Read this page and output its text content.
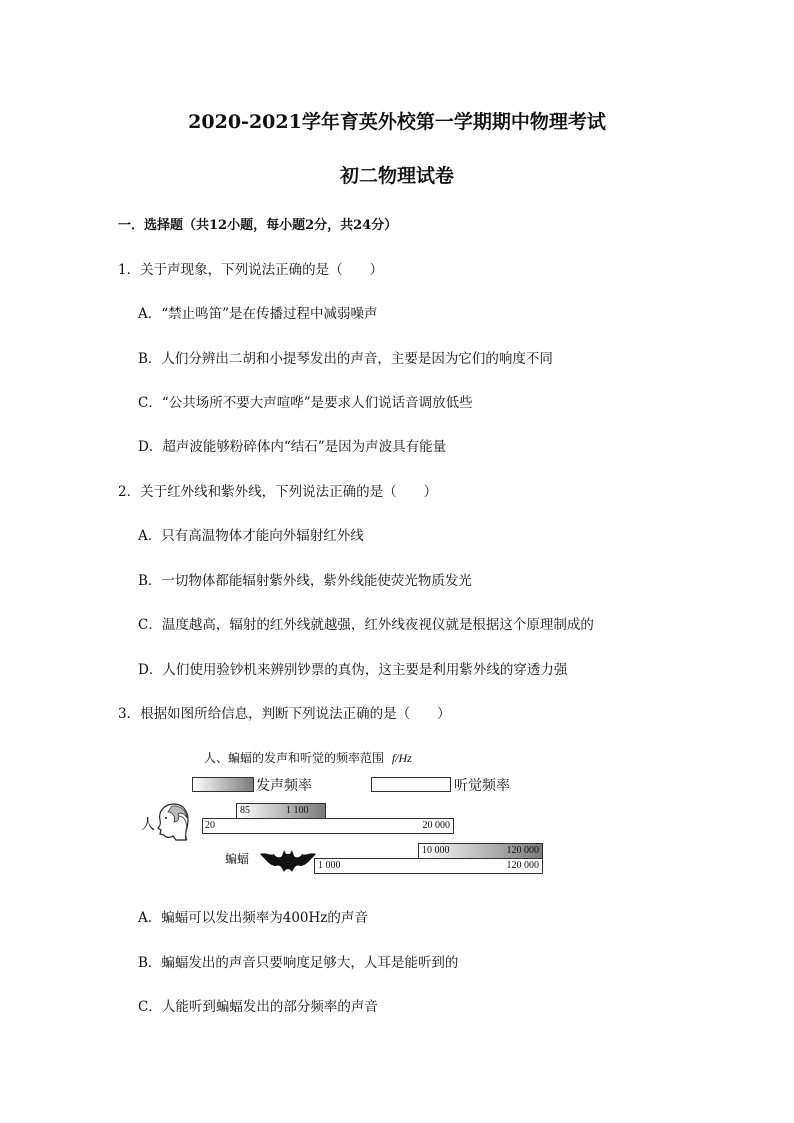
2020-2021学年育英外校第一学期期中物理考试
初二物理试卷
一．选择题（共12小题，每小题2分，共24分）
1．关于声现象，下列说法正确的是（　　）
A．“禁止鸣笛”是在传播过程中减弱噪声
B．人们分辨出二胡和小提琴发出的声音，主要是因为它们的响度不同
C．“公共场所不要大声喧哗”是要求人们说话音调放低些
D．超声波能够粉碎体内“结石”是因为声波具有能量
2．关于红外线和紫外线，下列说法正确的是（　　）
A．只有高温物体才能向外辐射红外线
B．一切物体都能辐射紫外线，紫外线能使荧光物质发光
C．温度越高，辐射的红外线就越强，红外线夜视仪就是根据这个原理制成的
D．人们使用验钞机来辨别钞票的真伪，这主要是利用紫外线的穿透力强
3．根据如图所给信息，判断下列说法正确的是（　　）
人、蝙蝠的发声和听觉的频率范围 f/Hz
发声频率	听觉频率
人
85	1 100
20	20 000
蝙蝠
10 000	120 000
1 000	120 000
A．蝙蝠可以发出频率为400Hz的声音
B．蝙蝠发出的声音只要响度足够大，人耳是能听到的
C．人能听到蝙蝠发出的部分频率的声音
